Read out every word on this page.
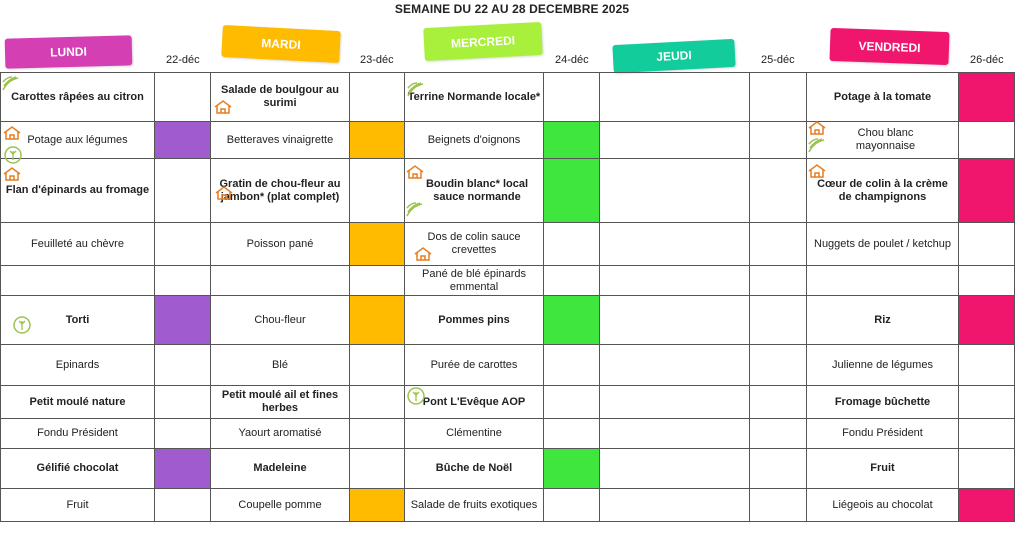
SEMAINE DU 22 AU 28 DECEMBRE 2025
LUNDI	MARDI	MERCREDI
JEUDI
VENDREDI
22-déc	23-déc	24-déc	25-déc	26-déc
Carottes râpées au citron		Salade de boulgour au surimi		Terrine Normande locale*				Potage à la tomate	
Potage aux légumes		Betteraves vinaigrette		Beignets d'oignons				Chou blanc mayonnaise	
Flan d'épinards au fromage		Gratin de chou-fleur au jambon* (plat complet)		Boudin blanc* local sauce normande				Cœur de colin à la crème de champignons	
Feuilleté au chèvre		Poisson pané		Dos de colin sauce crevettes				Nuggets de poulet / ketchup	
				Pané de blé épinards emmental					
Torti		Chou-fleur		Pommes pins				Riz	
Epinards		Blé		Purée de carottes				Julienne de légumes	
Petit moulé nature		Petit moulé ail et fines herbes		Pont L'Evêque AOP				Fromage bûchette	
Fondu Président		Yaourt aromatisé		Clémentine				Fondu Président	
Gélifié chocolat		Madeleine		Bûche de Noël				Fruit	
Fruit		Coupelle pomme		Salade de fruits exotiques				Liégeois au chocolat	
